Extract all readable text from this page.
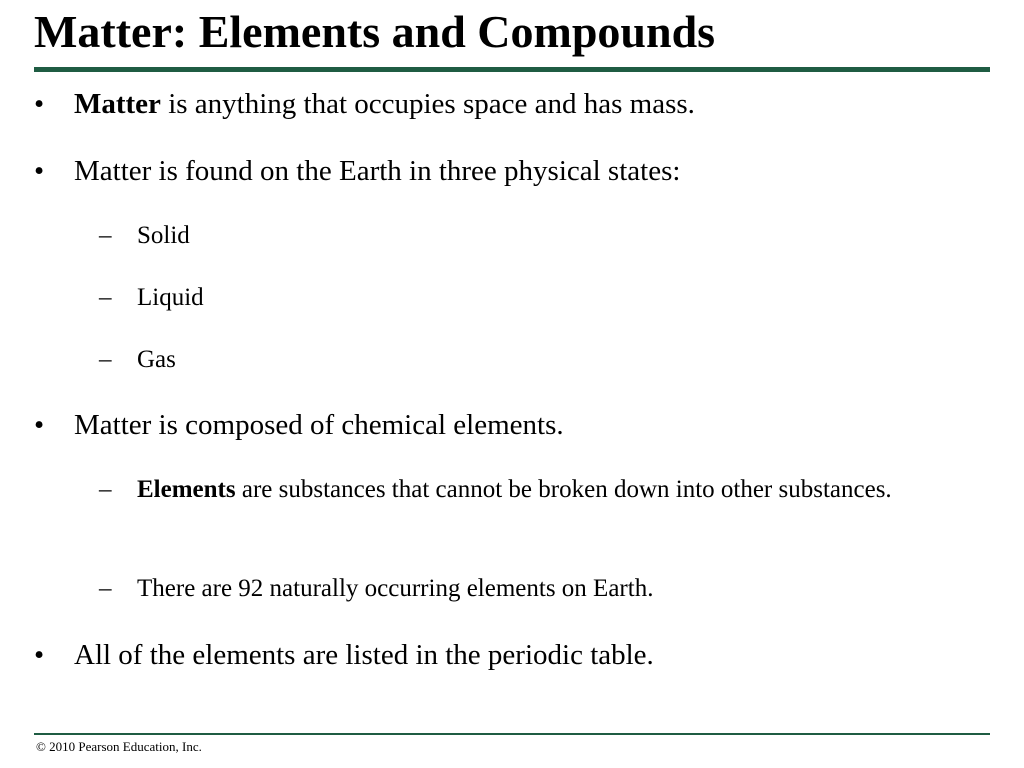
Matter: Elements and Compounds
• Matter is anything that occupies space and has mass.
• Matter is found on the Earth in three physical states:
– Solid
– Liquid
– Gas
• Matter is composed of chemical elements.
– Elements are substances that cannot be broken down into other substances.
– There are 92 naturally occurring elements on Earth.
• All of the elements are listed in the periodic table.
© 2010 Pearson Education, Inc.
